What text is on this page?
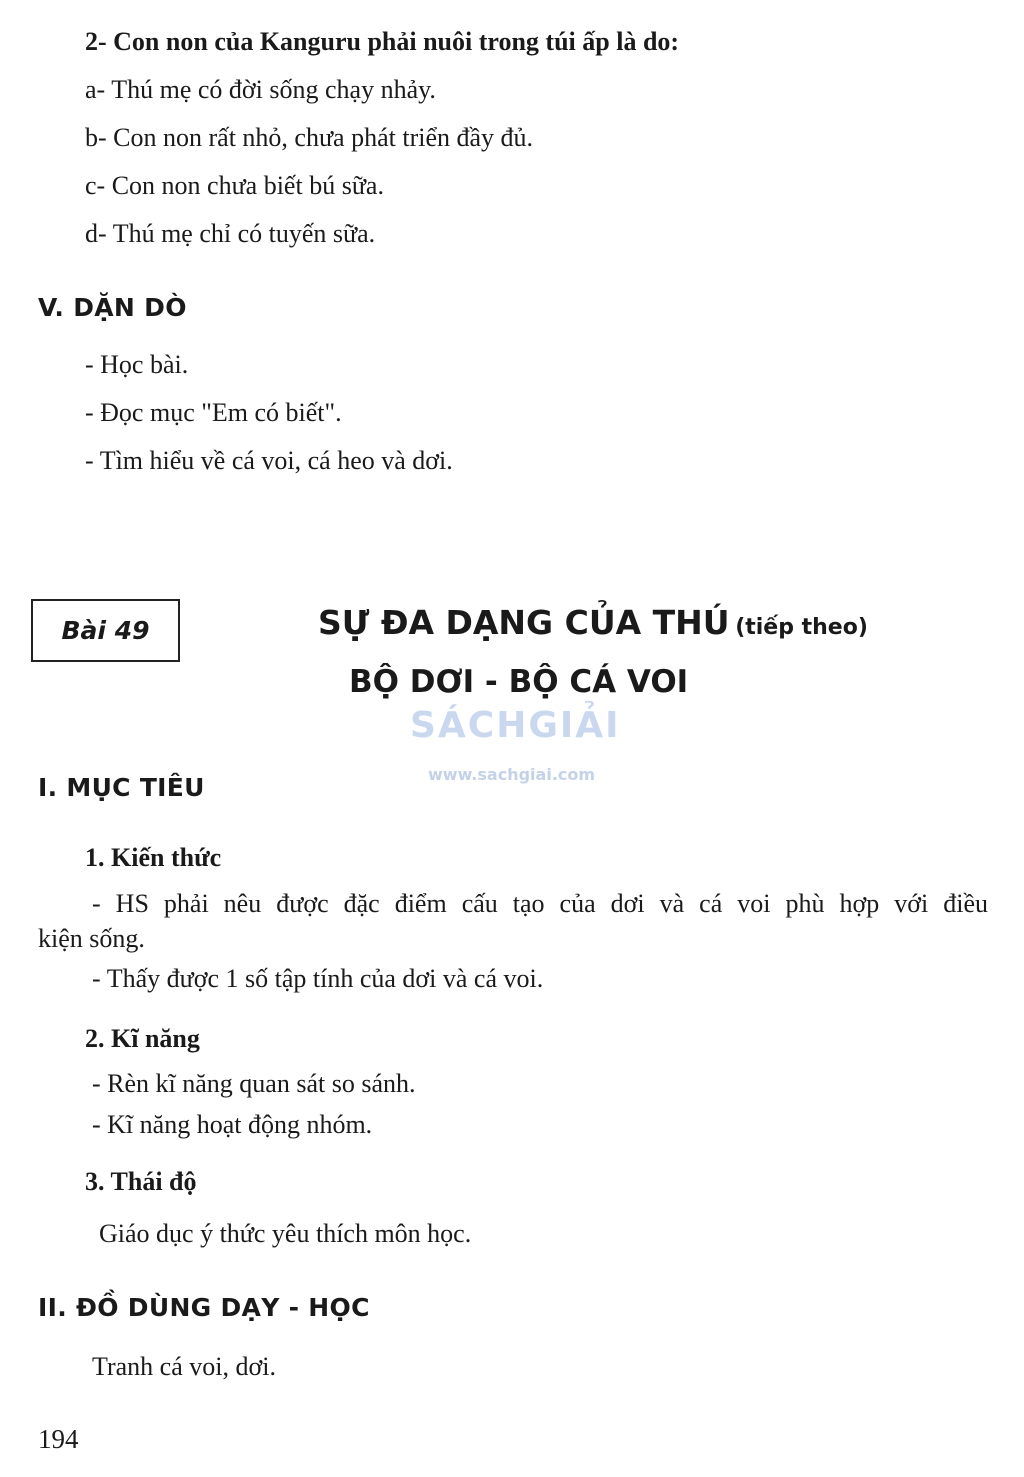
2- Con non của Kanguru phải nuôi trong túi ấp là do:
a- Thú mẹ có đời sống chạy nhảy.
b- Con non rất nhỏ, chưa phát triển đầy đủ.
c- Con non chưa biết bú sữa.
d- Thú mẹ chỉ có tuyến sữa.
V. DẶN DÒ
- Học bài.
- Đọc mục "Em có biết".
- Tìm hiểu về cá voi, cá heo và dơi.
Bài 49	SỰ ĐA DẠNG CỦA THÚ (tiếp theo)
BỘ DƠI - BỘ CÁ VOI
SÁCHGIẢI
www.sachgiai.com
I. MỤC TIÊU
1. Kiến thức
- HS phải nêu được đặc điểm cấu tạo của dơi và cá voi phù hợp với điều
kiện sống.
- Thấy được 1 số tập tính của dơi và cá voi.
2. Kĩ năng
- Rèn kĩ năng quan sát so sánh.
- Kĩ năng hoạt động nhóm.
3. Thái độ
Giáo dục ý thức yêu thích môn học.
II. ĐỒ DÙNG DẠY - HỌC
Tranh cá voi, dơi.
194
